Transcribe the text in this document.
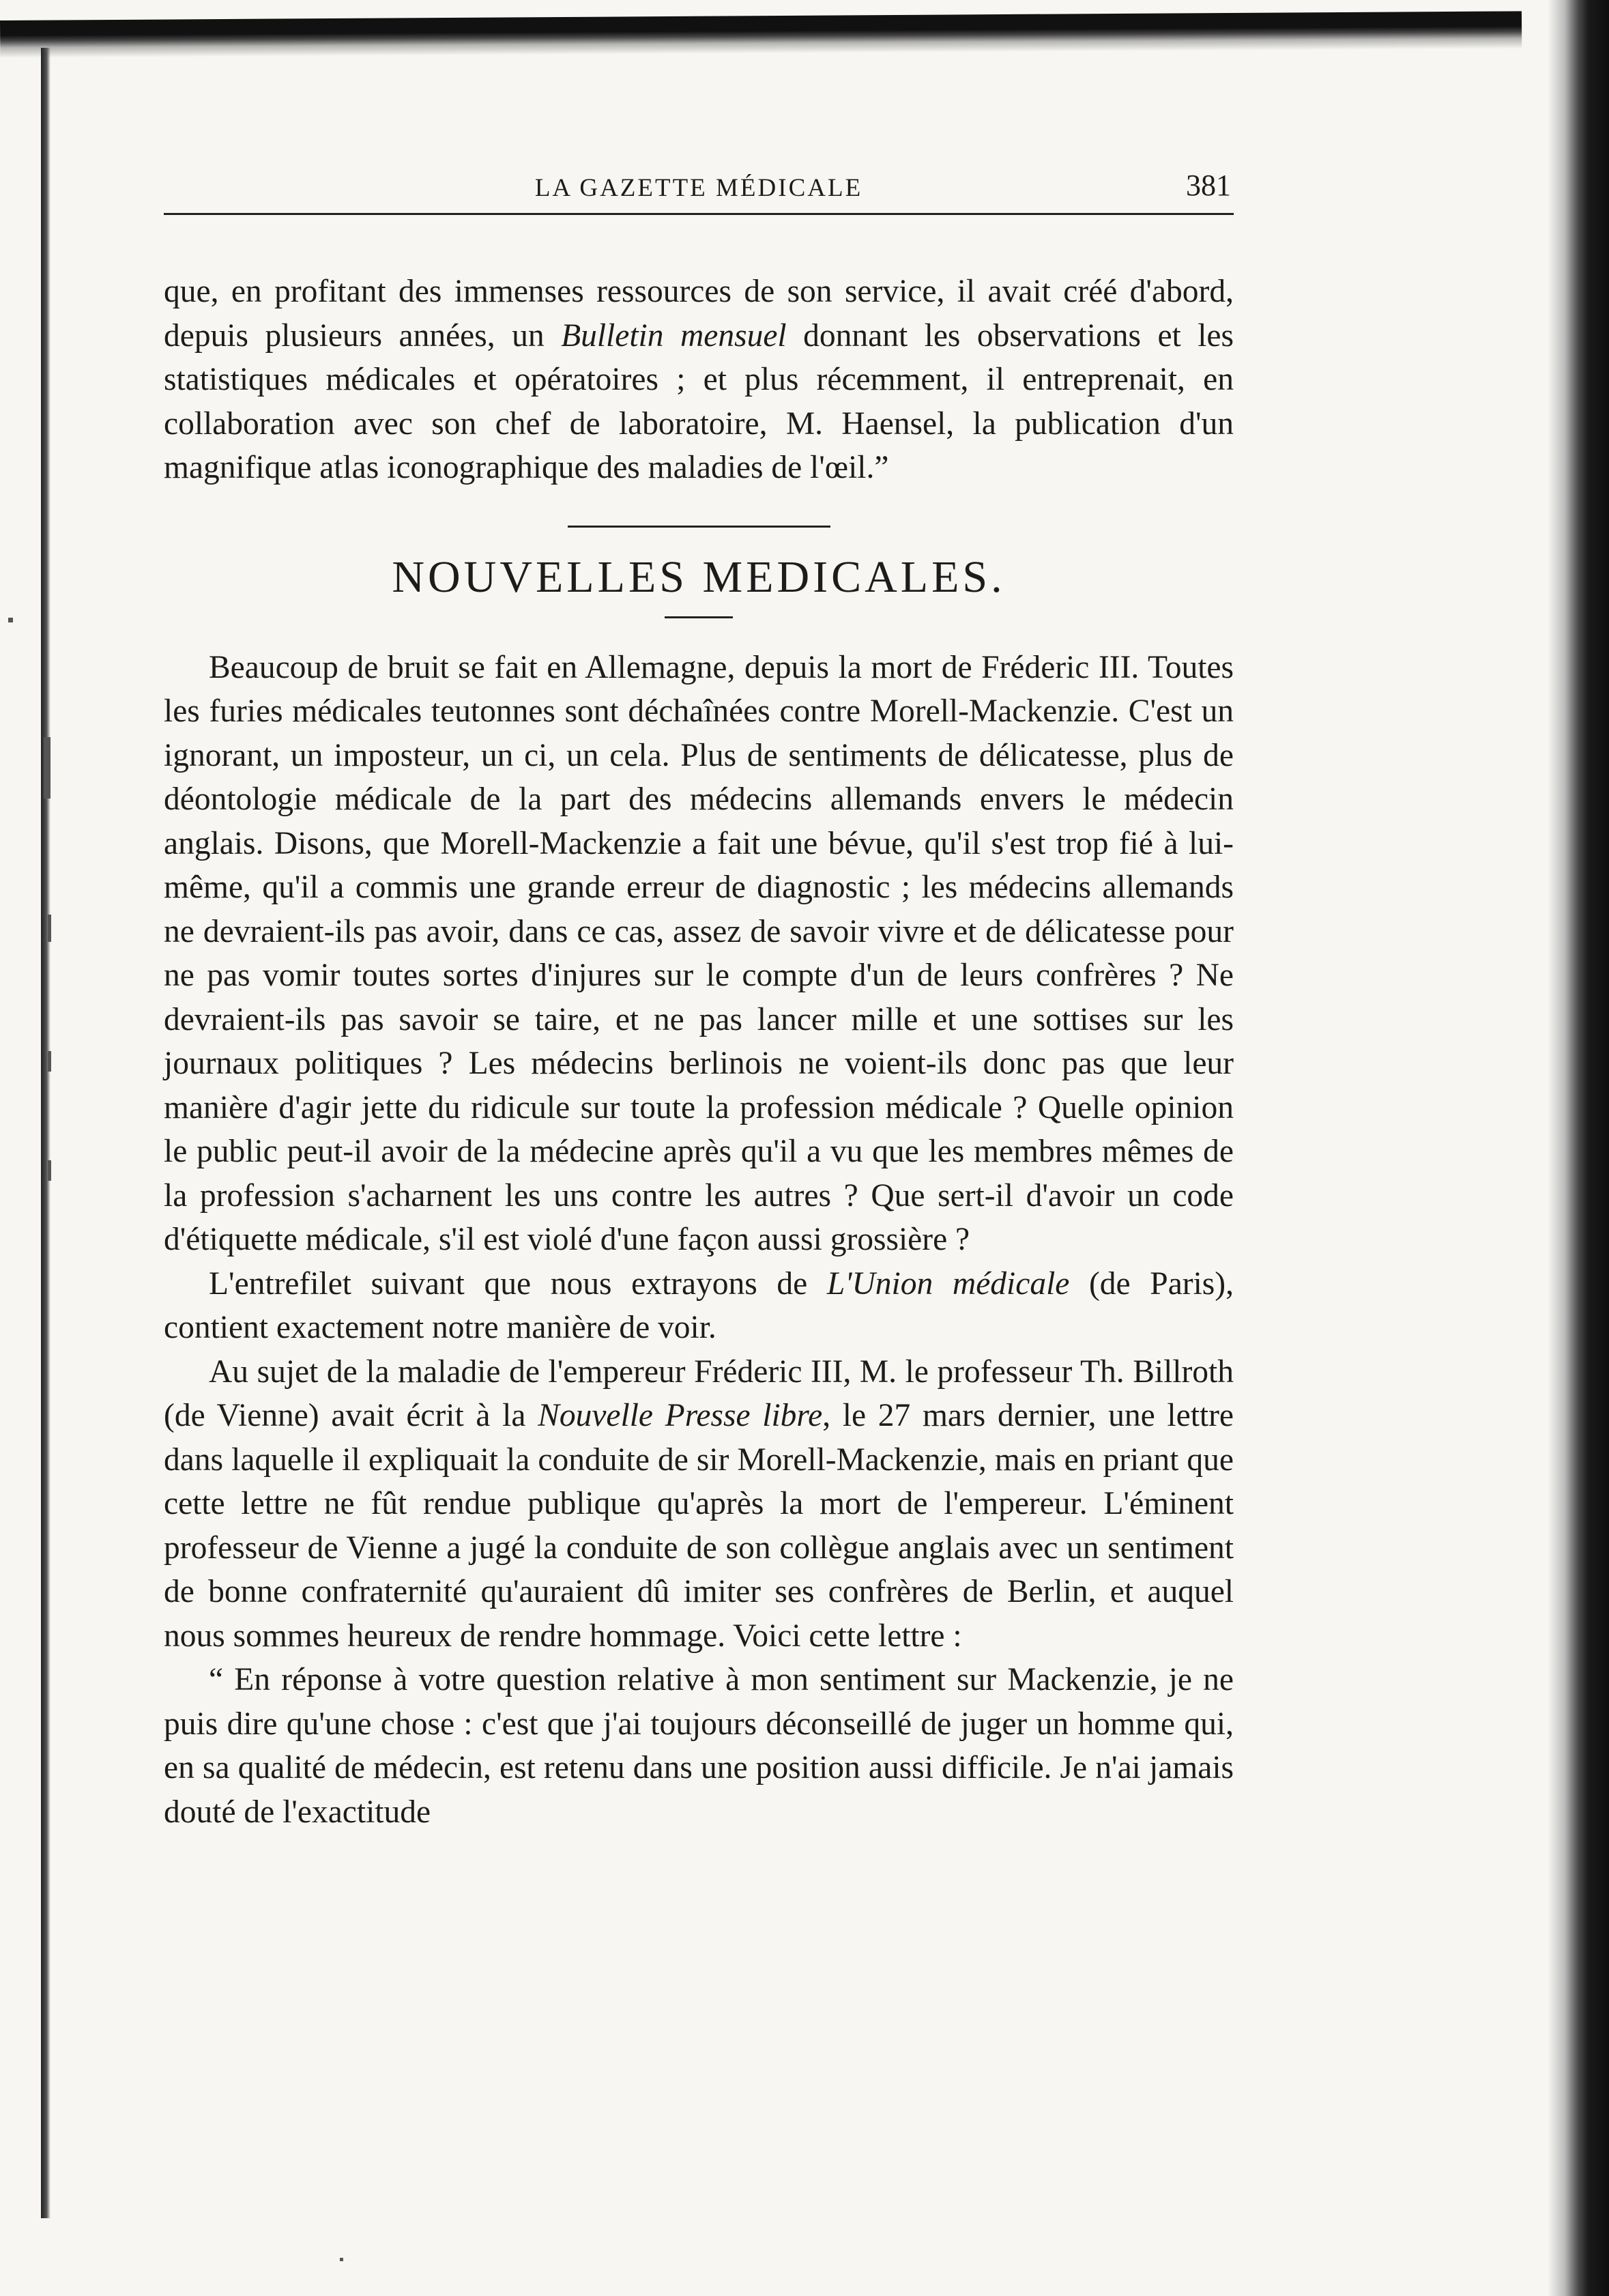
LA GAZETTE MÉDICALE	381

que, en profitant des immenses ressources de son service, il avait créé d'abord, depuis plusieurs années, un Bulletin mensuel donnant les observations et les statistiques médicales et opératoires ; et plus récemment, il entreprenait, en collaboration avec son chef de laboratoire, M. Haensel, la publication d'un magnifique atlas iconographique des maladies de l'œil.”

NOUVELLES MEDICALES.

Beaucoup de bruit se fait en Allemagne, depuis la mort de Fréderic III. Toutes les furies médicales teutonnes sont déchaînées contre Morell-Mackenzie. C'est un ignorant, un imposteur, un ci, un cela. Plus de sentiments de délicatesse, plus de déontologie médicale de la part des médecins allemands envers le médecin anglais. Disons, que Morell-Mackenzie a fait une bévue, qu'il s'est trop fié à lui-même, qu'il a commis une grande erreur de diagnostic ; les médecins allemands ne devraient-ils pas avoir, dans ce cas, assez de savoir vivre et de délicatesse pour ne pas vomir toutes sortes d'injures sur le compte d'un de leurs confrères ? Ne devraient-ils pas savoir se taire, et ne pas lancer mille et une sottises sur les journaux politiques ? Les médecins berlinois ne voient-ils donc pas que leur manière d'agir jette du ridicule sur toute la profession médicale ? Quelle opinion le public peut-il avoir de la médecine après qu'il a vu que les membres mêmes de la profession s'acharnent les uns contre les autres ? Que sert-il d'avoir un code d'étiquette médicale, s'il est violé d'une façon aussi grossière ?

L'entrefilet suivant que nous extrayons de L'Union médicale (de Paris), contient exactement notre manière de voir.

Au sujet de la maladie de l'empereur Fréderic III, M. le professeur Th. Billroth (de Vienne) avait écrit à la Nouvelle Presse libre, le 27 mars dernier, une lettre dans laquelle il expliquait la conduite de sir Morell-Mackenzie, mais en priant que cette lettre ne fût rendue publique qu'après la mort de l'empereur. L'éminent professeur de Vienne a jugé la conduite de son collègue anglais avec un sentiment de bonne confraternité qu'auraient dû imiter ses confrères de Berlin, et auquel nous sommes heureux de rendre hommage. Voici cette lettre :

“ En réponse à votre question relative à mon sentiment sur Mackenzie, je ne puis dire qu'une chose : c'est que j'ai toujours déconseillé de juger un homme qui, en sa qualité de médecin, est retenu dans une position aussi difficile. Je n'ai jamais douté de l'exactitude
